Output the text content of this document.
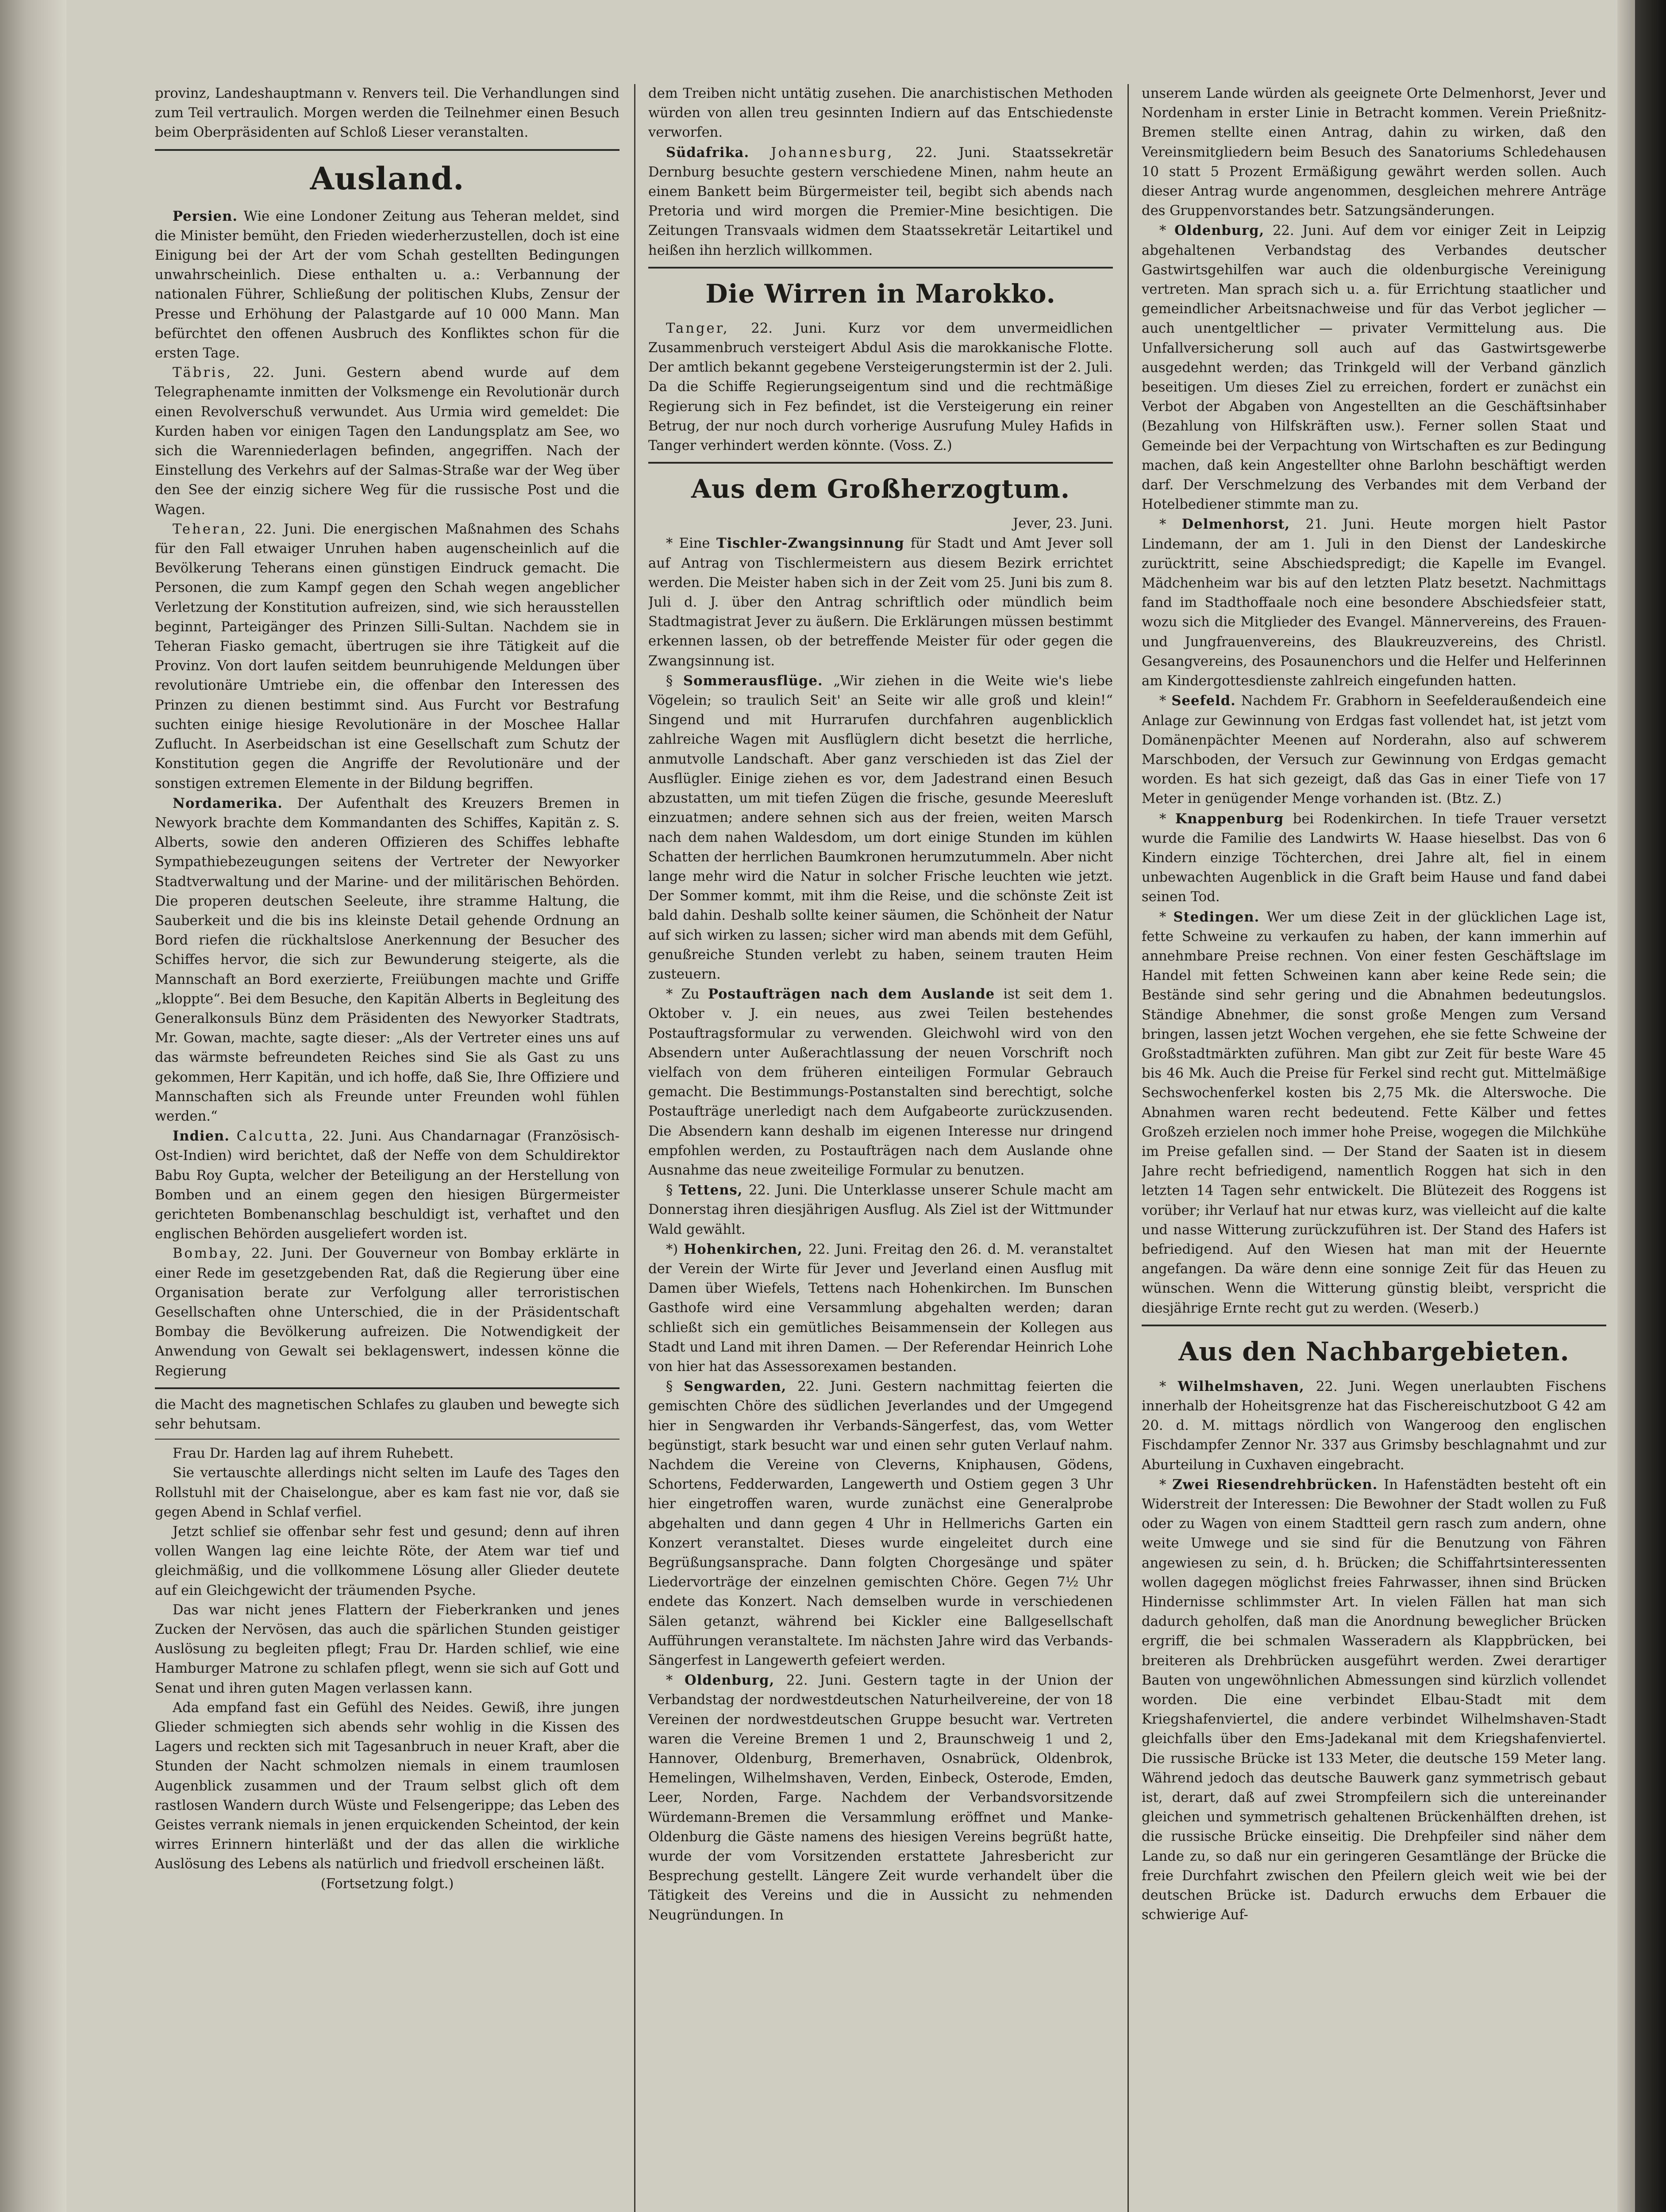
provinz, Landeshauptmann v. Renvers teil. Die Verhandlungen sind zum Teil vertraulich. Morgen werden die Teilnehmer einen Besuch beim Oberpräsidenten auf Schloß Lieser veranstalten.

Ausland.

Persien. Wie eine Londoner Zeitung aus Teheran meldet, sind die Minister bemüht, den Frieden wiederherzustellen, doch ist eine Einigung bei der Art der vom Schah gestellten Bedingungen unwahrscheinlich. Diese enthalten u. a.: Verbannung der nationalen Führer, Schließung der politischen Klubs, Zensur der Presse und Erhöhung der Palastgarde auf 10 000 Mann. Man befürchtet den offenen Ausbruch des Konfliktes schon für die ersten Tage.

Täbris, 22. Juni. Gestern abend wurde auf dem Telegraphenamte inmitten der Volksmenge ein Revolutionär durch einen Revolverschuß verwundet. Aus Urmia wird gemeldet: Die Kurden haben vor einigen Tagen den Landungsplatz am See, wo sich die Warenniederlagen befinden, angegriffen. Nach der Einstellung des Verkehrs auf der Salmas-Straße war der Weg über den See der einzig sichere Weg für die russische Post und die Wagen.

Teheran, 22. Juni. Die energischen Maßnahmen des Schahs für den Fall etwaiger Unruhen haben augenscheinlich auf die Bevölkerung Teherans einen günstigen Eindruck gemacht. Die Personen, die zum Kampf gegen den Schah wegen angeblicher Verletzung der Konstitution aufreizen, sind, wie sich herausstellen beginnt, Parteigänger des Prinzen Silli-Sultan. Nachdem sie in Teheran Fiasko gemacht, übertrugen sie ihre Tätigkeit auf die Provinz. Von dort laufen seitdem beunruhigende Meldungen über revolutionäre Umtriebe ein, die offenbar den Interessen des Prinzen zu dienen bestimmt sind. Aus Furcht vor Bestrafung suchten einige hiesige Revolutionäre in der Moschee Hallar Zuflucht. In Aserbeidschan ist eine Gesellschaft zum Schutz der Konstitution gegen die Angriffe der Revolutionäre und der sonstigen extremen Elemente in der Bildung begriffen.

Nordamerika. Der Aufenthalt des Kreuzers Bremen in Newyork brachte dem Kommandanten des Schiffes, Kapitän z. S. Alberts, sowie den anderen Offizieren des Schiffes lebhafte Sympathiebezeugungen seitens der Vertreter der Newyorker Stadtverwaltung und der Marine- und der militärischen Behörden. Die properen deutschen Seeleute, ihre stramme Haltung, die Sauberkeit und die bis ins kleinste Detail gehende Ordnung an Bord riefen die rückhaltslose Anerkennung der Besucher des Schiffes hervor, die sich zur Bewunderung steigerte, als die Mannschaft an Bord exerzierte, Freiübungen machte und Griffe „kloppte“. Bei dem Besuche, den Kapitän Alberts in Begleitung des Generalkonsuls Bünz dem Präsidenten des Newyorker Stadtrats, Mr. Gowan, machte, sagte dieser: „Als der Vertreter eines uns auf das wärmste befreundeten Reiches sind Sie als Gast zu uns gekommen, Herr Kapitän, und ich hoffe, daß Sie, Ihre Offiziere und Mannschaften sich als Freunde unter Freunden wohl fühlen werden.“

Indien. Calcutta, 22. Juni. Aus Chandarnagar (Französisch-Ost-Indien) wird berichtet, daß der Neffe von dem Schuldirektor Babu Roy Gupta, welcher der Beteiligung an der Herstellung von Bomben und an einem gegen den hiesigen Bürgermeister gerichteten Bombenanschlag beschuldigt ist, verhaftet und den englischen Behörden ausgeliefert worden ist.

Bombay, 22. Juni. Der Gouverneur von Bombay erklärte in einer Rede im gesetzgebenden Rat, daß die Regierung über eine Organisation berate zur Verfolgung aller terroristischen Gesellschaften ohne Unterschied, die in der Präsidentschaft Bombay die Bevölkerung aufreizen. Die Notwendigkeit der Anwendung von Gewalt sei beklagenswert, indessen könne die Regierung

die Macht des magnetischen Schlafes zu glauben und bewegte sich sehr behutsam.

Frau Dr. Harden lag auf ihrem Ruhebett.

Sie vertauschte allerdings nicht selten im Laufe des Tages den Rollstuhl mit der Chaiselongue, aber es kam fast nie vor, daß sie gegen Abend in Schlaf verfiel.

Jetzt schlief sie offenbar sehr fest und gesund; denn auf ihren vollen Wangen lag eine leichte Röte, der Atem war tief und gleichmäßig, und die vollkommene Lösung aller Glieder deutete auf ein Gleichgewicht der träumenden Psyche.

Das war nicht jenes Flattern der Fieberkranken und jenes Zucken der Nervösen, das auch die spärlichen Stunden geistiger Auslösung zu begleiten pflegt; Frau Dr. Harden schlief, wie eine Hamburger Matrone zu schlafen pflegt, wenn sie sich auf Gott und Senat und ihren guten Magen verlassen kann.

Ada empfand fast ein Gefühl des Neides. Gewiß, ihre jungen Glieder schmiegten sich abends sehr wohlig in die Kissen des Lagers und reckten sich mit Tagesanbruch in neuer Kraft, aber die Stunden der Nacht schmolzen niemals in einem traumlosen Augenblick zusammen und der Traum selbst glich oft dem rastlosen Wandern durch Wüste und Felsengerippe; das Leben des Geistes verrank niemals in jenen erquickenden Scheintod, der kein wirres Erinnern hinterläßt und der das allen die wirkliche Auslösung des Lebens als natürlich und friedvoll erscheinen läßt.

(Fortsetzung folgt.)

dem Treiben nicht untätig zusehen. Die anarchistischen Methoden würden von allen treu gesinnten Indiern auf das Entschiedenste verworfen.

Südafrika. Johannesburg, 22. Juni. Staatssekretär Dernburg besuchte gestern verschiedene Minen, nahm heute an einem Bankett beim Bürgermeister teil, begibt sich abends nach Pretoria und wird morgen die Premier-Mine besichtigen. Die Zeitungen Transvaals widmen dem Staatssekretär Leitartikel und heißen ihn herzlich willkommen.

Die Wirren in Marokko.

Tanger, 22. Juni. Kurz vor dem unvermeidlichen Zusammenbruch versteigert Abdul Asis die marokkanische Flotte. Der amtlich bekannt gegebene Versteigerungstermin ist der 2. Juli. Da die Schiffe Regierungseigentum sind und die rechtmäßige Regierung sich in Fez befindet, ist die Versteigerung ein reiner Betrug, der nur noch durch vorherige Ausrufung Muley Hafids in Tanger verhindert werden könnte. (Voss. Z.)

Aus dem Großherzogtum.
Jever, 23. Juni.

* Eine Tischler-Zwangsinnung für Stadt und Amt Jever soll auf Antrag von Tischlermeistern aus diesem Bezirk errichtet werden. Die Meister haben sich in der Zeit vom 25. Juni bis zum 8. Juli d. J. über den Antrag schriftlich oder mündlich beim Stadtmagistrat Jever zu äußern. Die Erklärungen müssen bestimmt erkennen lassen, ob der betreffende Meister für oder gegen die Zwangsinnung ist.

§ Sommerausflüge. „Wir ziehen in die Weite wie's liebe Vögelein; so traulich Seit' an Seite wir alle groß und klein!“ Singend und mit Hurrarufen durchfahren augenblicklich zahlreiche Wagen mit Ausflüglern dicht besetzt die herrliche, anmutvolle Landschaft. Aber ganz verschieden ist das Ziel der Ausflügler. Einige ziehen es vor, dem Jadestrand einen Besuch abzustatten, um mit tiefen Zügen die frische, gesunde Meeresluft einzuatmen; andere sehnen sich aus der freien, weiten Marsch nach dem nahen Waldesdom, um dort einige Stunden im kühlen Schatten der herrlichen Baumkronen herumzutummeln. Aber nicht lange mehr wird die Natur in solcher Frische leuchten wie jetzt. Der Sommer kommt, mit ihm die Reise, und die schönste Zeit ist bald dahin. Deshalb sollte keiner säumen, die Schönheit der Natur auf sich wirken zu lassen; sicher wird man abends mit dem Gefühl, genußreiche Stunden verlebt zu haben, seinem trauten Heim zusteuern.

* Zu Postaufträgen nach dem Auslande ist seit dem 1. Oktober v. J. ein neues, aus zwei Teilen bestehendes Postauftragsformular zu verwenden. Gleichwohl wird von den Absendern unter Außerachtlassung der neuen Vorschrift noch vielfach von dem früheren einteiligen Formular Gebrauch gemacht. Die Bestimmungs-Postanstalten sind berechtigt, solche Postaufträge unerledigt nach dem Aufgabeorte zurückzusenden. Die Absendern kann deshalb im eigenen Interesse nur dringend empfohlen werden, zu Postaufträgen nach dem Auslande ohne Ausnahme das neue zweiteilige Formular zu benutzen.

§ Tettens, 22. Juni. Die Unterklasse unserer Schule macht am Donnerstag ihren diesjährigen Ausflug. Als Ziel ist der Wittmunder Wald gewählt.

*) Hohenkirchen, 22. Juni. Freitag den 26. d. M. veranstaltet der Verein der Wirte für Jever und Jeverland einen Ausflug mit Damen über Wiefels, Tettens nach Hohenkirchen. Im Bunschen Gasthofe wird eine Versammlung abgehalten werden; daran schließt sich ein gemütliches Beisammensein der Kollegen aus Stadt und Land mit ihren Damen. — Der Referendar Heinrich Lohe von hier hat das Assessorexamen bestanden.

§ Sengwarden, 22. Juni. Gestern nachmittag feierten die gemischten Chöre des südlichen Jeverlandes und der Umgegend hier in Sengwarden ihr Verbands-Sängerfest, das, vom Wetter begünstigt, stark besucht war und einen sehr guten Verlauf nahm. Nachdem die Vereine von Cleverns, Kniphausen, Gödens, Schortens, Fedderwarden, Langewerth und Ostiem gegen 3 Uhr hier eingetroffen waren, wurde zunächst eine Generalprobe abgehalten und dann gegen 4 Uhr in Hellmerichs Garten ein Konzert veranstaltet. Dieses wurde eingeleitet durch eine Begrüßungsansprache. Dann folgten Chorgesänge und später Liedervorträge der einzelnen gemischten Chöre. Gegen 7½ Uhr endete das Konzert. Nach demselben wurde in verschiedenen Sälen getanzt, während bei Kickler eine Ballgesellschaft Aufführungen veranstaltete. Im nächsten Jahre wird das Verbands-Sängerfest in Langewerth gefeiert werden.

* Oldenburg, 22. Juni. Gestern tagte in der Union der Verbandstag der nordwestdeutschen Naturheilvereine, der von 18 Vereinen der nordwestdeutschen Gruppe besucht war. Vertreten waren die Vereine Bremen 1 und 2, Braunschweig 1 und 2, Hannover, Oldenburg, Bremerhaven, Osnabrück, Oldenbrok, Hemelingen, Wilhelmshaven, Verden, Einbeck, Osterode, Emden, Leer, Norden, Farge. Nachdem der Verbandsvorsitzende Würdemann-Bremen die Versammlung eröffnet und Manke-Oldenburg die Gäste namens des hiesigen Vereins begrüßt hatte, wurde der vom Vorsitzenden erstattete Jahresbericht zur Besprechung gestellt. Längere Zeit wurde verhandelt über die Tätigkeit des Vereins und die in Aussicht zu nehmenden Neugründungen. In

unserem Lande würden als geeignete Orte Delmenhorst, Jever und Nordenham in erster Linie in Betracht kommen. Verein Prießnitz-Bremen stellte einen Antrag, dahin zu wirken, daß den Vereinsmitgliedern beim Besuch des Sanatoriums Schledehausen 10 statt 5 Prozent Ermäßigung gewährt werden sollen. Auch dieser Antrag wurde angenommen, desgleichen mehrere Anträge des Gruppenvorstandes betr. Satzungsänderungen.

* Oldenburg, 22. Juni. Auf dem vor einiger Zeit in Leipzig abgehaltenen Verbandstag des Verbandes deutscher Gastwirtsgehilfen war auch die oldenburgische Vereinigung vertreten. Man sprach sich u. a. für Errichtung staatlicher und gemeindlicher Arbeitsnachweise und für das Verbot jeglicher — auch unentgeltlicher — privater Vermittelung aus. Die Unfallversicherung soll auch auf das Gastwirtsgewerbe ausgedehnt werden; das Trinkgeld will der Verband gänzlich beseitigen. Um dieses Ziel zu erreichen, fordert er zunächst ein Verbot der Abgaben von Angestellten an die Geschäftsinhaber (Bezahlung von Hilfskräften usw.). Ferner sollen Staat und Gemeinde bei der Verpachtung von Wirtschaften es zur Bedingung machen, daß kein Angestellter ohne Barlohn beschäftigt werden darf. Der Verschmelzung des Verbandes mit dem Verband der Hotelbediener stimmte man zu.

* Delmenhorst, 21. Juni. Heute morgen hielt Pastor Lindemann, der am 1. Juli in den Dienst der Landeskirche zurücktritt, seine Abschiedspredigt; die Kapelle im Evangel. Mädchenheim war bis auf den letzten Platz besetzt. Nachmittags fand im Stadthoffaale noch eine besondere Abschiedsfeier statt, wozu sich die Mitglieder des Evangel. Männervereins, des Frauen- und Jungfrauenvereins, des Blaukreuzvereins, des Christl. Gesangvereins, des Posaunenchors und die Helfer und Helferinnen am Kindergottesdienste zahlreich eingefunden hatten.

* Seefeld. Nachdem Fr. Grabhorn in Seefelderaußendeich eine Anlage zur Gewinnung von Erdgas fast vollendet hat, ist jetzt vom Domänenpächter Meenen auf Norderahn, also auf schwerem Marschboden, der Versuch zur Gewinnung von Erdgas gemacht worden. Es hat sich gezeigt, daß das Gas in einer Tiefe von 17 Meter in genügender Menge vorhanden ist. (Btz. Z.)

* Knappenburg bei Rodenkirchen. In tiefe Trauer versetzt wurde die Familie des Landwirts W. Haase hieselbst. Das von 6 Kindern einzige Töchterchen, drei Jahre alt, fiel in einem unbewachten Augenblick in die Graft beim Hause und fand dabei seinen Tod.

* Stedingen. Wer um diese Zeit in der glücklichen Lage ist, fette Schweine zu verkaufen zu haben, der kann immerhin auf annehmbare Preise rechnen. Von einer festen Geschäftslage im Handel mit fetten Schweinen kann aber keine Rede sein; die Bestände sind sehr gering und die Abnahmen bedeutungslos. Ständige Abnehmer, die sonst große Mengen zum Versand bringen, lassen jetzt Wochen vergehen, ehe sie fette Schweine der Großstadtmärkten zuführen. Man gibt zur Zeit für beste Ware 45 bis 46 Mk. Auch die Preise für Ferkel sind recht gut. Mittelmäßige Sechswochenferkel kosten bis 2,75 Mk. die Alterswoche. Die Abnahmen waren recht bedeutend. Fette Kälber und fettes Großzeh erzielen noch immer hohe Preise, wogegen die Milchkühe im Preise gefallen sind. — Der Stand der Saaten ist in diesem Jahre recht befriedigend, namentlich Roggen hat sich in den letzten 14 Tagen sehr entwickelt. Die Blütezeit des Roggens ist vorüber; ihr Verlauf hat nur etwas kurz, was vielleicht auf die kalte und nasse Witterung zurückzuführen ist. Der Stand des Hafers ist befriedigend. Auf den Wiesen hat man mit der Heuernte angefangen. Da wäre denn eine sonnige Zeit für das Heuen zu wünschen. Wenn die Witterung günstig bleibt, verspricht die diesjährige Ernte recht gut zu werden. (Weserb.)

Aus den Nachbargebieten.

* Wilhelmshaven, 22. Juni. Wegen unerlaubten Fischens innerhalb der Hoheitsgrenze hat das Fischereischutzboot G 42 am 20. d. M. mittags nördlich von Wangeroog den englischen Fischdampfer Zennor Nr. 337 aus Grimsby beschlagnahmt und zur Aburteilung in Cuxhaven eingebracht.

* Zwei Riesendrehbrücken. In Hafenstädten besteht oft ein Widerstreit der Interessen: Die Bewohner der Stadt wollen zu Fuß oder zu Wagen von einem Stadtteil gern rasch zum andern, ohne weite Umwege und sie sind für die Benutzung von Fähren angewiesen zu sein, d. h. Brücken; die Schiffahrtsinteressenten wollen dagegen möglichst freies Fahrwasser, ihnen sind Brücken Hindernisse schlimmster Art. In vielen Fällen hat man sich dadurch geholfen, daß man die Anordnung beweglicher Brücken ergriff, die bei schmalen Wasseradern als Klappbrücken, bei breiteren als Drehbrücken ausgeführt werden. Zwei derartiger Bauten von ungewöhnlichen Abmessungen sind kürzlich vollendet worden. Die eine verbindet Elbau-Stadt mit dem Kriegshafenviertel, die andere verbindet Wilhelmshaven-Stadt gleichfalls über den Ems-Jadekanal mit dem Kriegshafenviertel. Die russische Brücke ist 133 Meter, die deutsche 159 Meter lang. Während jedoch das deutsche Bauwerk ganz symmetrisch gebaut ist, derart, daß auf zwei Strompfeilern sich die untereinander gleichen und symmetrisch gehaltenen Brückenhälften drehen, ist die russische Brücke einseitig. Die Drehpfeiler sind näher dem Lande zu, so daß nur ein geringeren Gesamtlänge der Brücke die freie Durchfahrt zwischen den Pfeilern gleich weit wie bei der deutschen Brücke ist. Dadurch erwuchs dem Erbauer die schwierige Auf-
